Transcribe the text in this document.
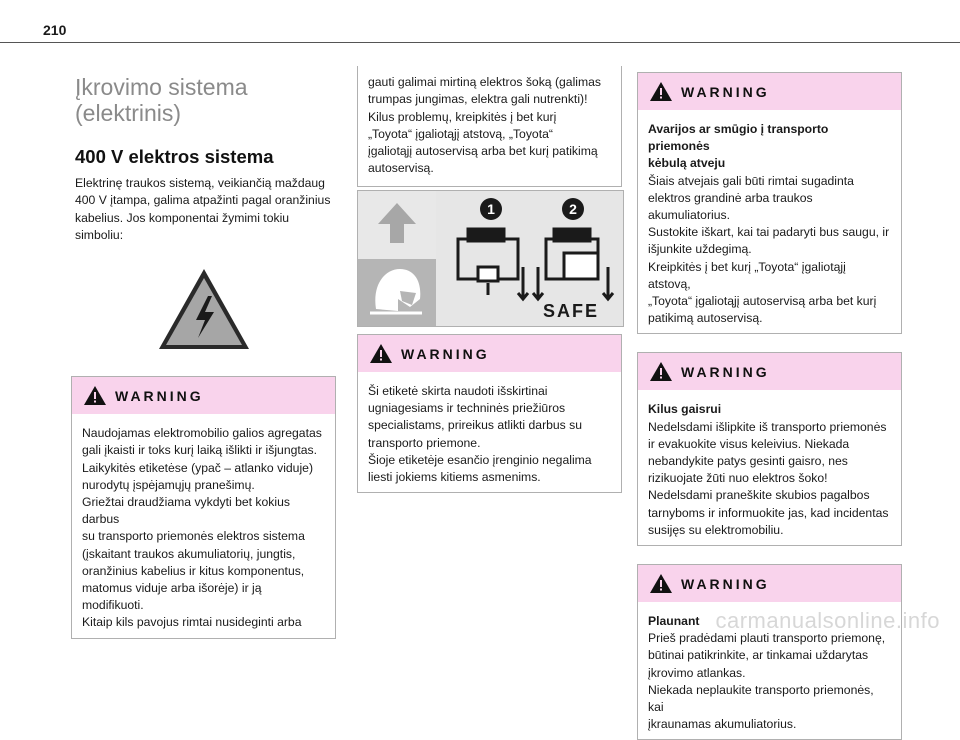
210
Įkrovimo sistema
(elektrinis)
400 V elektros sistema
Elektrinę traukos sistemą, veikiančią maždaug
400 V įtampa, galima atpažinti pagal oranžinius
kabelius. Jos komponentai žymimi tokiu
simboliu:
WARNING
Naudojamas elektromobilio galios agregatas
gali įkaisti ir toks kurį laiką išlikti ir išjungtas.
Laikykitės etiketėse (ypač – atlanko viduje)
nurodytų įspėjamųjų pranešimų.
Griežtai draudžiama vykdyti bet kokius darbus
su transporto priemonės elektros sistema
(įskaitant traukos akumuliatorių, jungtis,
oranžinius kabelius ir kitus komponentus,
matomus viduje arba išorėje) ir ją modifikuoti.
Kitaip kils pavojus rimtai nusideginti arba
gauti galimai mirtiną elektros šoką (galimas
trumpas jungimas, elektra gali nutrenkti)!
Kilus problemų, kreipkitės į bet kurį
„Toyota“ įgaliotąjį atstovą, „Toyota“
įgaliotąjį autoservisą arba bet kurį patikimą
autoservisą.
1	2
SAFE
WARNING
Ši etiketė skirta naudoti išskirtinai
ugniagesiams ir techninės priežiūros
specialistams, prireikus atlikti darbus su
transporto priemone.
Šioje etiketėje esančio įrenginio negalima
liesti jokiems kitiems asmenims.
WARNING
Avarijos ar smūgio į transporto priemonės
kėbulą atveju
Šiais atvejais gali būti rimtai sugadinta
elektros grandinė arba traukos
akumuliatorius.
Sustokite iškart, kai tai padaryti bus saugu, ir
išjunkite uždegimą.
Kreipkitės į bet kurį „Toyota“ įgaliotąjį atstovą,
„Toyota“ įgaliotąjį autoservisą arba bet kurį
patikimą autoservisą.
WARNING
Kilus gaisrui
Nedelsdami išlipkite iš transporto priemonės
ir evakuokite visus keleivius. Niekada
nebandykite patys gesinti gaisro, nes
rizikuojate žūti nuo elektros šoko!
Nedelsdami praneškite skubios pagalbos
tarnyboms ir informuokite jas, kad incidentas
susijęs su elektromobiliu.
WARNING
Plaunant
Prieš pradėdami plauti transporto priemonę,
būtinai patikrinkite, ar tinkamai uždarytas
įkrovimo atlankas.
Niekada neplaukite transporto priemonės, kai
įkraunamas akumuliatorius.
carmanualsonline.info
